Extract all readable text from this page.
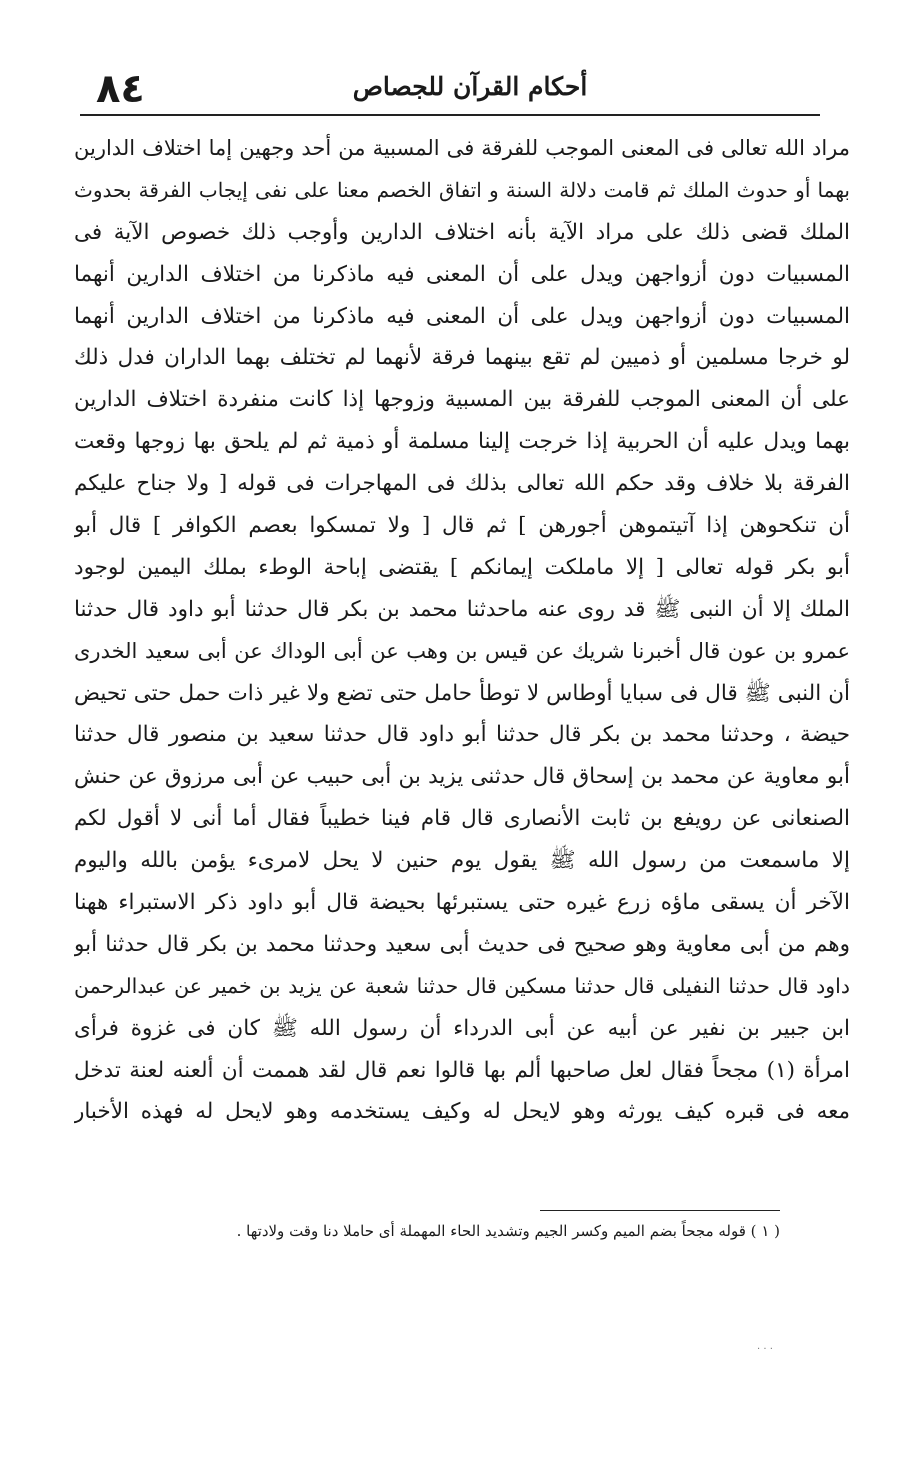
٨٤	أحكام القرآن للجصاص
مراد الله تعالى فى المعنى الموجب للفرقة فى المسبية من أحد وجهين إما اختلاف الدارين
بهما أو حدوث الملك ثم قامت دلالة السنة و اتفاق الخصم معنا على نفى إيجاب الفرقة بحدوث
الملك قضى ذلك على مراد الآية بأنه اختلاف الدارين وأوجب ذلك خصوص الآية فى
المسبيات دون أزواجهن ويدل على أن المعنى فيه ماذكرنا من اختلاف الدارين أنهما
المسبيات دون أزواجهن ويدل على أن المعنى فيه ماذكرنا من اختلاف الدارين أنهما
لو خرجا مسلمين أو ذميين لم تقع بينهما فرقة لأنهما لم تختلف بهما الداران فدل ذلك
على أن المعنى الموجب للفرقة بين المسبية وزوجها إذا كانت منفردة اختلاف الدارين
بهما ويدل عليه أن الحربية إذا خرجت إلينا مسلمة أو ذمية ثم لم يلحق بها زوجها وقعت
الفرقة بلا خلاف وقد حكم الله تعالى بذلك فى المهاجرات فى قوله [ ولا جناح عليكم
أن تنكحوهن إذا آتيتموهن أجورهن ] ثم قال [ ولا تمسكوا بعصم الكوافر ] قال أبو
أبو بكر قوله تعالى [ إلا ماملكت إيمانكم ] يقتضى إباحة الوطء بملك اليمين لوجود
الملك إلا أن النبى ﷺ قد روى عنه ماحدثنا محمد بن بكر قال حدثنا أبو داود قال حدثنا
عمرو بن عون قال أخبرنا شريك عن قيس بن وهب عن أبى الوداك عن أبى سعيد الخدرى
أن النبى ﷺ قال فى سبايا أوطاس لا توطأ حامل حتى تضع ولا غير ذات حمل حتى تحيض
حيضة ، وحدثنا محمد بن بكر قال حدثنا أبو داود قال حدثنا سعيد بن منصور قال حدثنا
أبو معاوية عن محمد بن إسحاق قال حدثنى يزيد بن أبى حبيب عن أبى مرزوق عن حنش
الصنعانى عن رويفع بن ثابت الأنصارى قال قام فينا خطيباً فقال أما أنى لا أقول لكم
إلا ماسمعت من رسول الله ﷺ يقول يوم حنين لا يحل لامرىء يؤمن بالله واليوم
الآخر أن يسقى ماؤه زرع غيره حتى يستبرئها بحيضة قال أبو داود ذكر الاستبراء ههنا
وهم من أبى معاوية وهو صحيح فى حديث أبى سعيد وحدثنا محمد بن بكر قال حدثنا أبو
داود قال حدثنا النفيلى قال حدثنا مسكين قال حدثنا شعبة عن يزيد بن خمير عن عبدالرحمن
ابن جبير بن نفير عن أبيه عن أبى الدرداء أن رسول الله ﷺ كان فى غزوة فرأى
امرأة (١) مجحاً فقال لعل صاحبها ألم بها قالوا نعم قال لقد هممت أن ألعنه لعنة تدخل
معه فى قبره كيف يورثه وهو لايحل له وكيف يستخدمه وهو لايحل له فهذه الأخبار
( ١ ) قوله مجحاً بضم الميم وكسر الجيم وتشديد الحاء المهملة أى حاملا دنا وقت ولادتها .
· · ·
